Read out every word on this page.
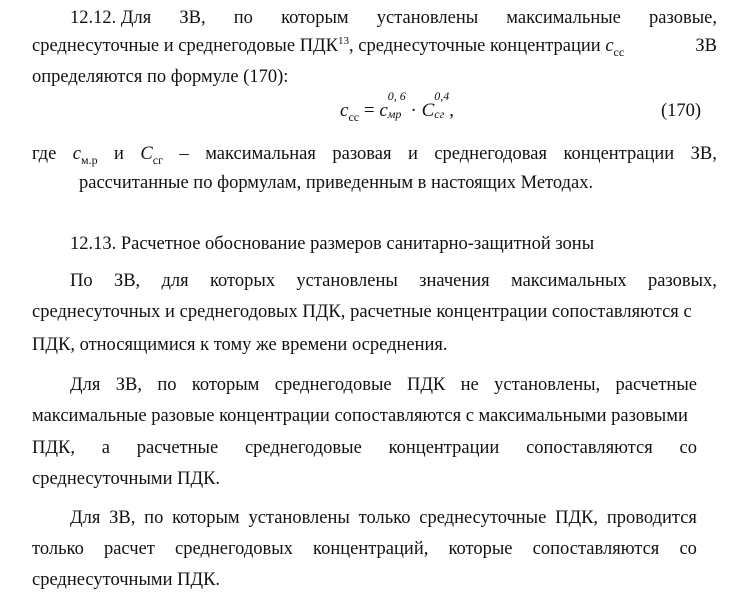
12.12. Для ЗВ, по которым установлены максимальные разовые,
среднесуточные и среднегодовые ПДК$^{13}$, среднесуточные концентрации $c_{сс}$	ЗВ
определяются по формуле (170):
$c_{сс} = c$
0, 6
мр · C
0,4
сг ,	(170)
где $c_{м.р}$ и $C_{сг}$ – максимальная разовая и среднегодовая концентрации ЗВ,
рассчитанные по формулам, приведенным в настоящих Методах.
12.13. Расчетное обоснование размеров санитарно-защитной зоны
По ЗВ, для которых установлены значения максимальных разовых,
среднесуточных и среднегодовых ПДК, расчетные концентрации сопоставляются с
ПДК, относящимися к тому же времени осреднения.
Для ЗВ, по которым среднегодовые ПДК не установлены, расчетные
максимальные разовые концентрации сопоставляются с максимальными разовыми
ПДК, а расчетные среднегодовые концентрации сопоставляются со
среднесуточными ПДК.
Для ЗВ, по которым установлены только среднесуточные ПДК, проводится
только расчет среднегодовых концентраций, которые сопоставляются со
среднесуточными ПДК.
